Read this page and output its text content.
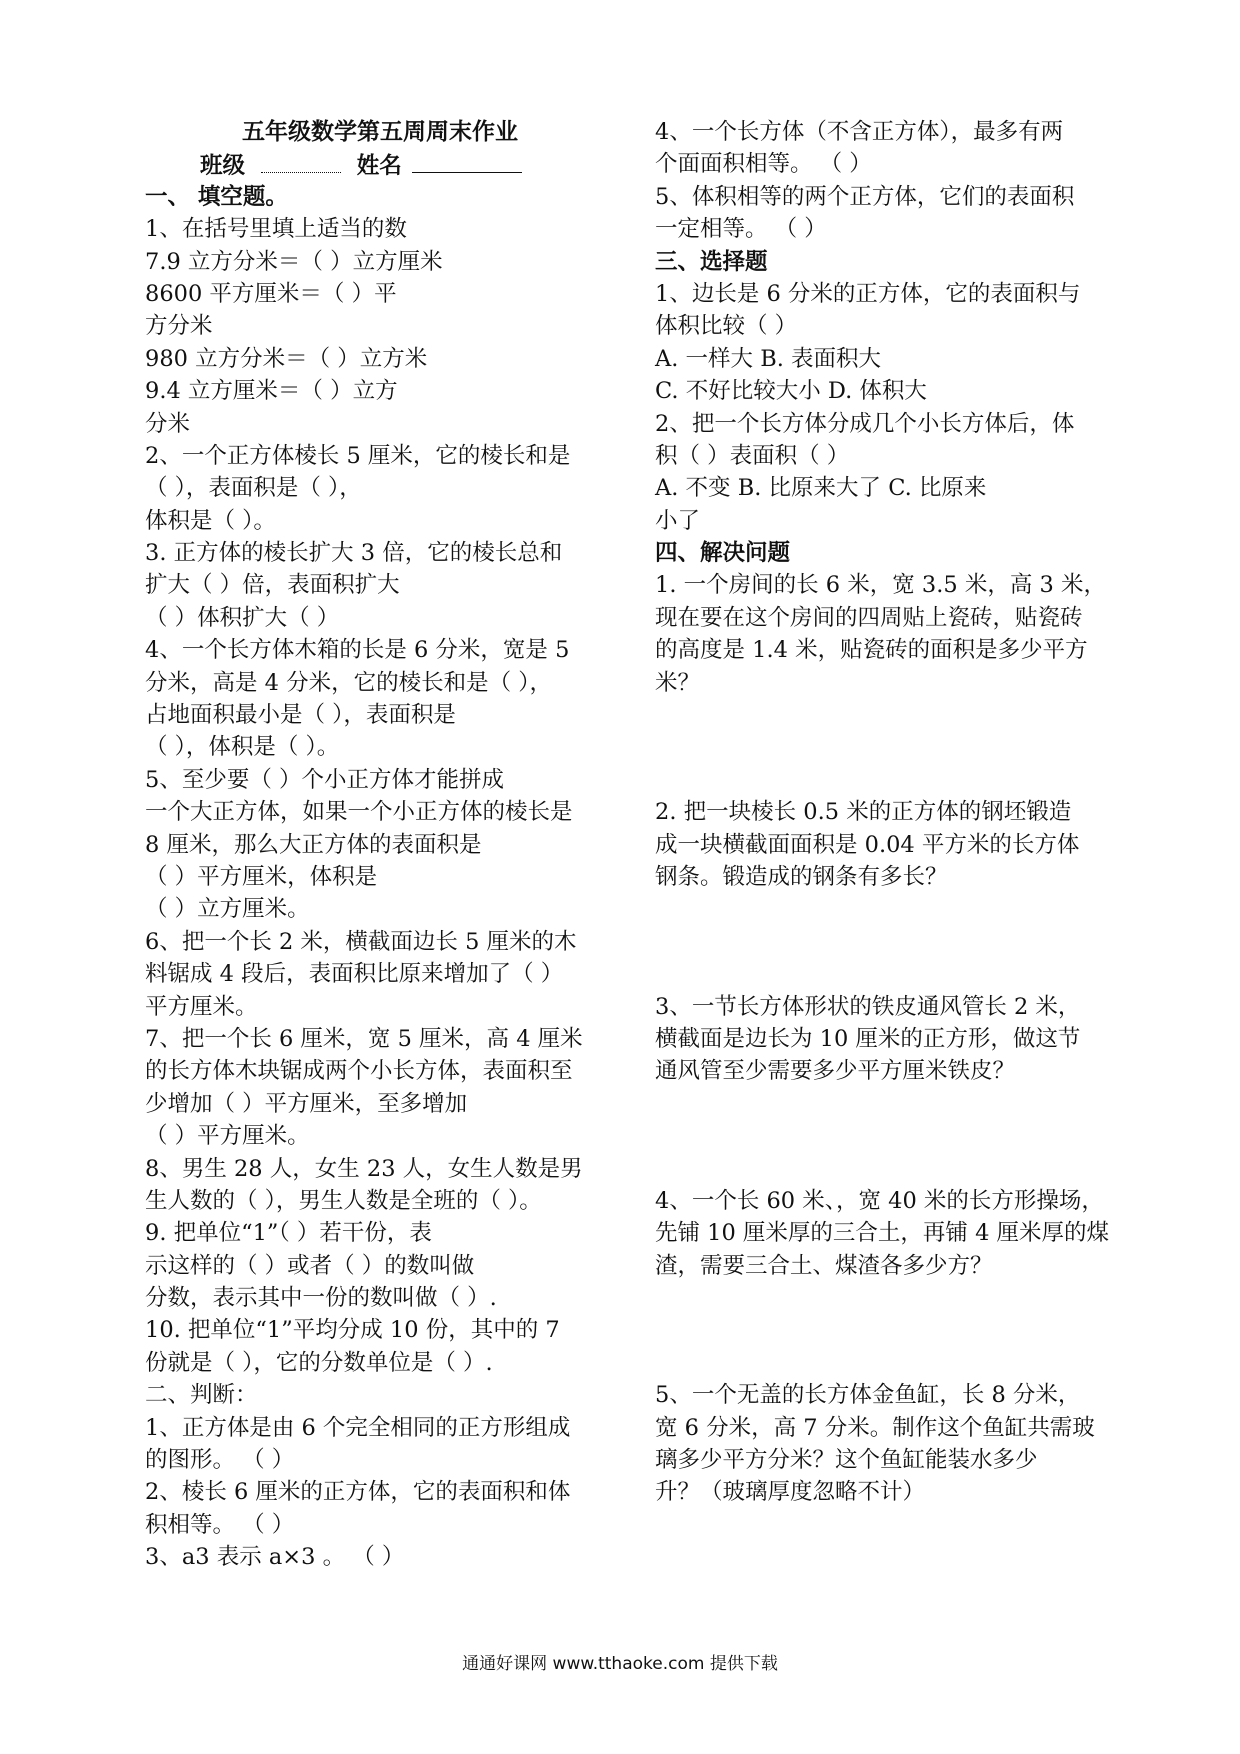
五年级数学第五周周末作业
班级	姓名
一、 填空题。
1、在括号里填上适当的数
7.9 立方分米＝（ ）立方厘米
8600 平方厘米＝（ ）平
方分米
980 立方分米＝（ ）立方米
9.4 立方厘米＝（ ）立方
分米
2、一个正方体棱长 5 厘米，它的棱长和是
（ ），表面积是（ ），
体积是（ ）。
3. 正方体的棱长扩大 3 倍，它的棱长总和
扩大（ ）倍，表面积扩大
（ ）体积扩大（ ）
4、一个长方体木箱的长是 6 分米，宽是 5
分米，高是 4 分米，它的棱长和是（ ），
占地面积最小是（ ），表面积是
（ ），体积是（ ）。
5、至少要（ ）个小正方体才能拼成
一个大正方体，如果一个小正方体的棱长是
8 厘米，那么大正方体的表面积是
（ ）平方厘米，体积是
（ ）立方厘米。
6、把一个长 2 米，横截面边长 5 厘米的木
料锯成 4 段后，表面积比原来增加了（ ）
平方厘米。
7、把一个长 6 厘米，宽 5 厘米，高 4 厘米
的长方体木块锯成两个小长方体，表面积至
少增加（ ）平方厘米，至多增加
（ ）平方厘米。
8、男生 28 人，女生 23 人，女生人数是男
生人数的（ ），男生人数是全班的（ ）。
9. 把单位“1”（ ）若干份，表
示这样的（ ）或者（ ）的数叫做
分数，表示其中一份的数叫做（ ）.
10. 把单位“1”平均分成 10 份，其中的 7
份就是（ ），它的分数单位是（ ）.
二、判断：
1、正方体是由 6 个完全相同的正方形组成
的图形。 （ ）
2、棱长 6 厘米的正方体，它的表面积和体
积相等。 （ ）
3、a3 表示 a×3 。 （ ）
4、一个长方体（不含正方体），最多有两
个面面积相等。 （ ）
5、体积相等的两个正方体，它们的表面积
一定相等。 （ ）
三、选择题
1、边长是 6 分米的正方体，它的表面积与
体积比较（ ）
A. 一样大 B. 表面积大
C. 不好比较大小 D. 体积大
2、把一个长方体分成几个小长方体后，体
积（ ）表面积（ ）
A. 不变 B. 比原来大了 C. 比原来
小了
四、解决问题
1. 一个房间的长 6 米，宽 3.5 米，高 3 米，
现在要在这个房间的四周贴上瓷砖，贴瓷砖
的高度是 1.4 米，贴瓷砖的面积是多少平方
米？
2. 把一块棱长 0.5 米的正方体的钢坯锻造
成一块横截面面积是 0.04 平方米的长方体
钢条。锻造成的钢条有多长？
3、一节长方体形状的铁皮通风管长 2 米，
横截面是边长为 10 厘米的正方形，做这节
通风管至少需要多少平方厘米铁皮？
4、一个长 60 米、，宽 40 米的长方形操场，
先铺 10 厘米厚的三合土，再铺 4 厘米厚的煤
渣，需要三合土、煤渣各多少方？
5、一个无盖的长方体金鱼缸，长 8 分米，
宽 6 分米，高 7 分米。制作这个鱼缸共需玻
璃多少平方分米？这个鱼缸能装水多少
升？（玻璃厚度忽略不计）
通通好课网 www.tthaoke.com 提供下载
